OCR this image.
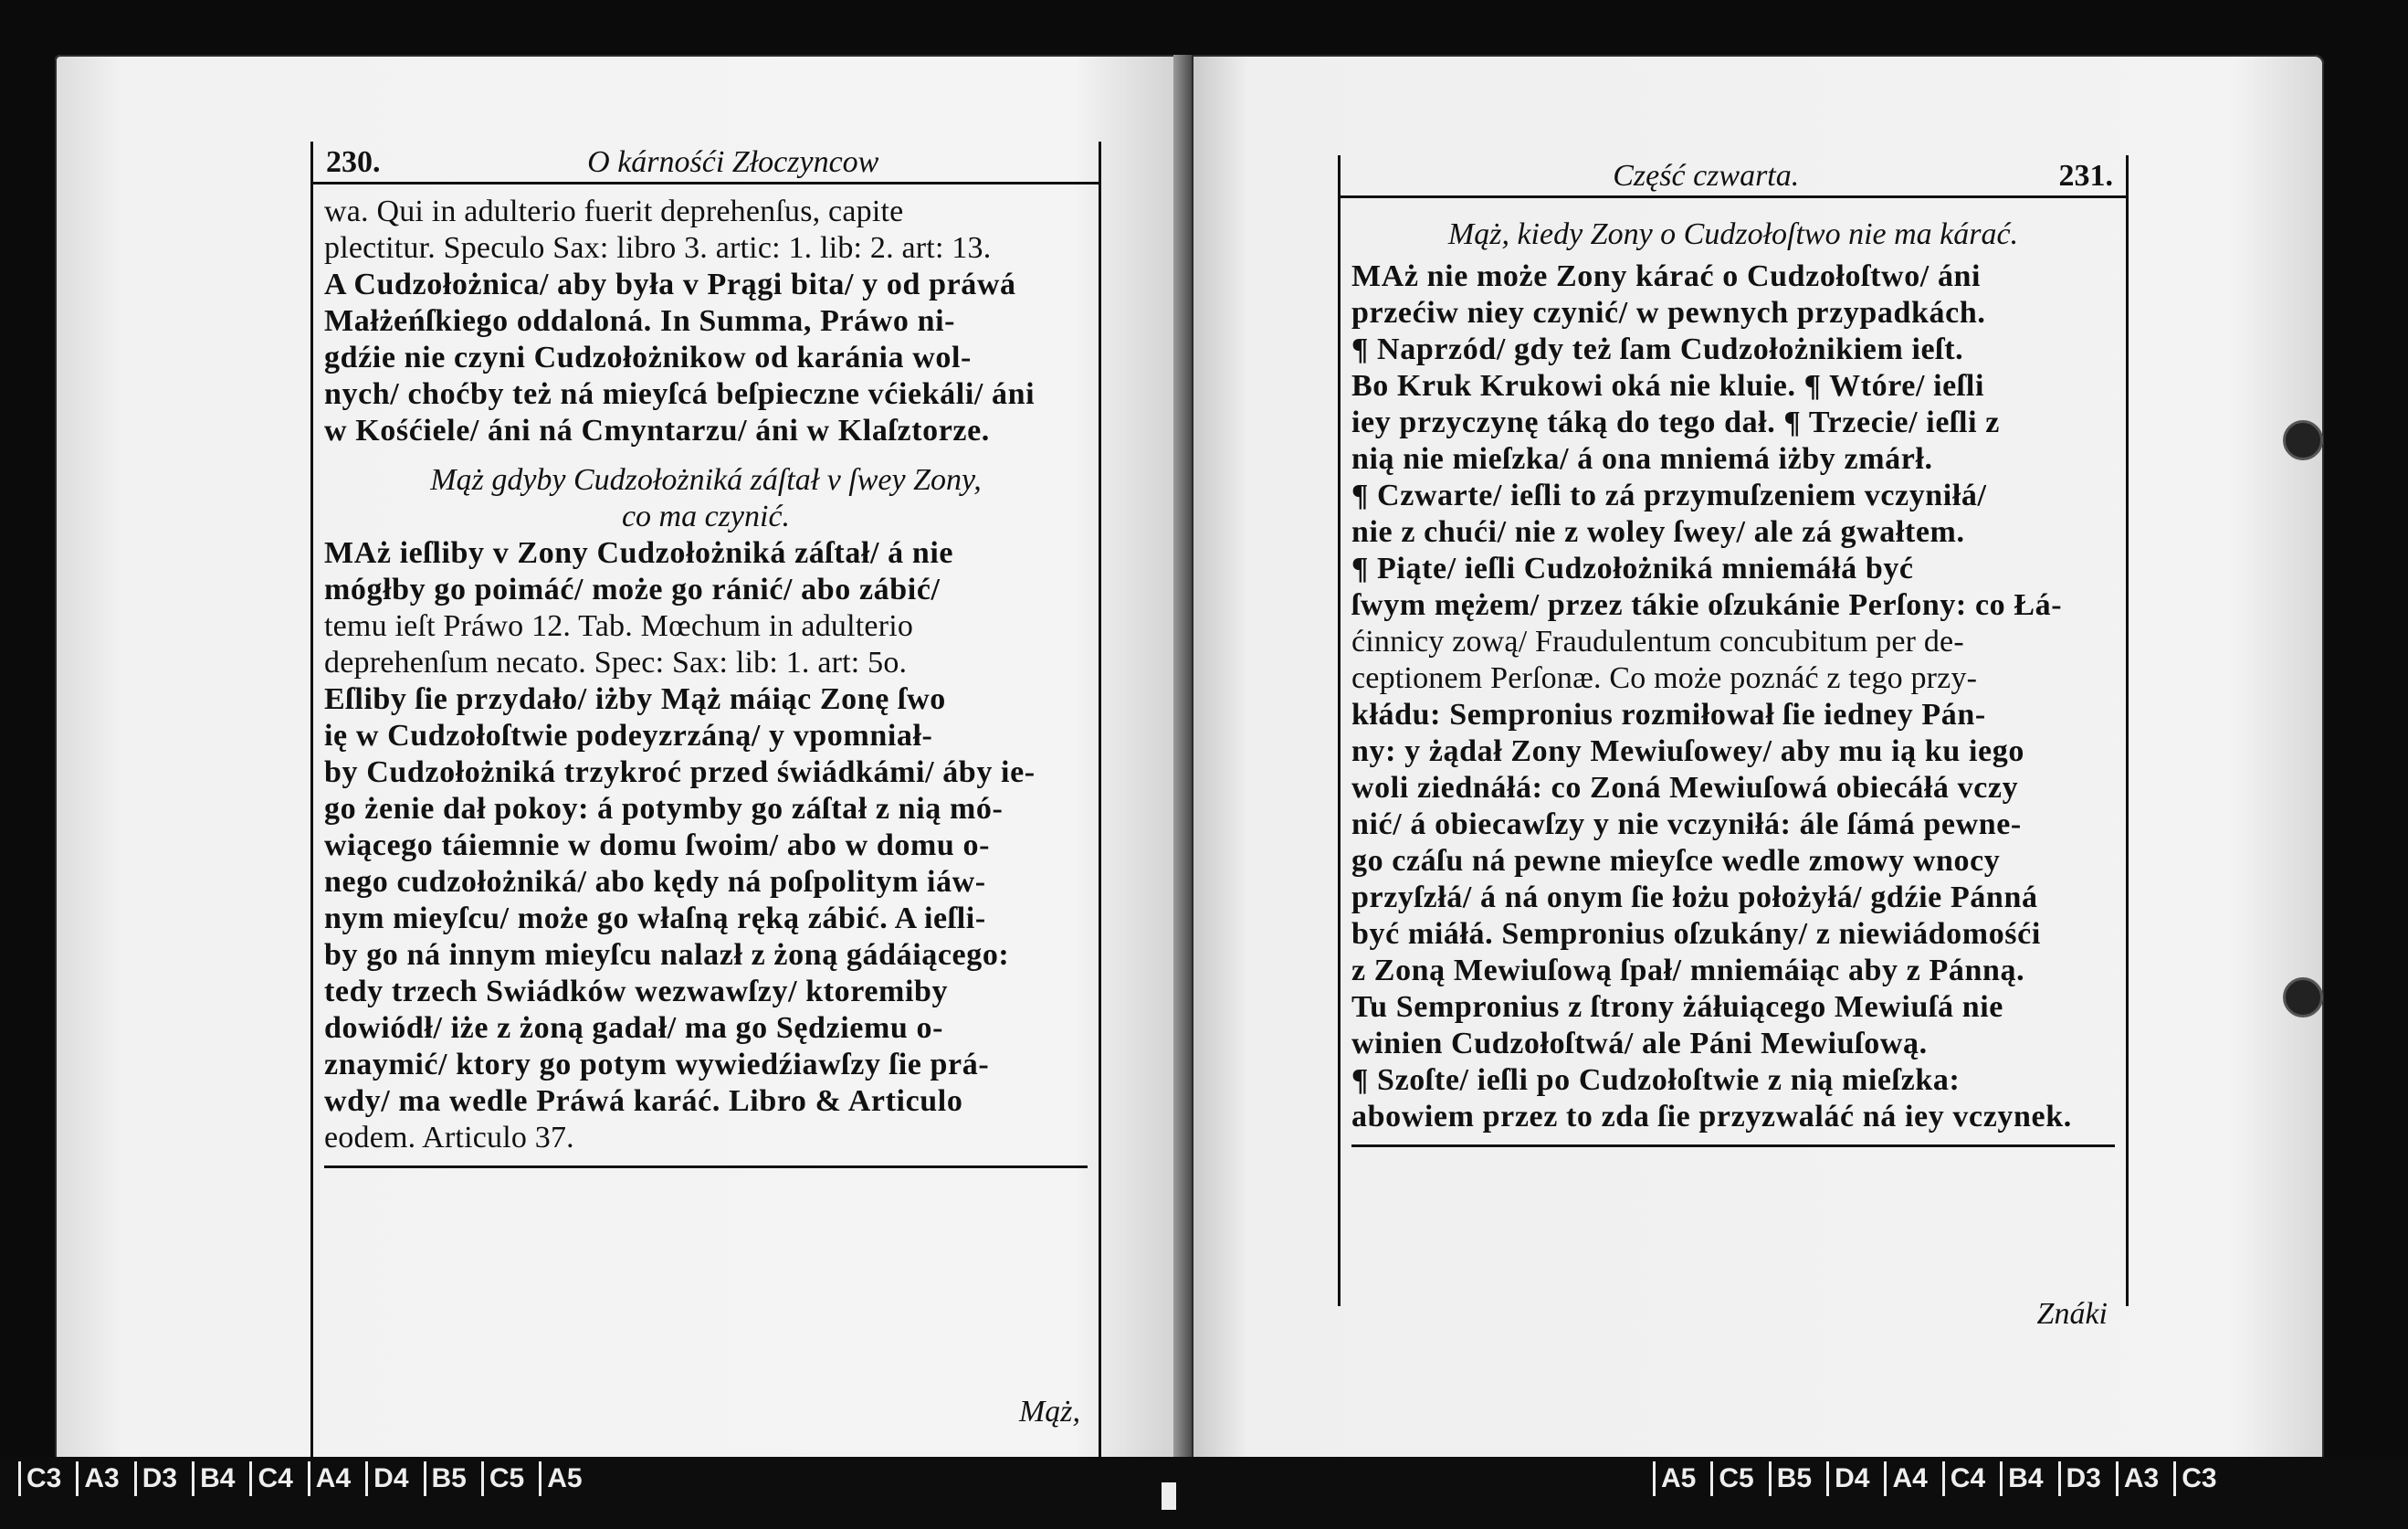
230.	O kárnośći Złoczyncow
wa. Qui in adulterio fuerit deprehenſus, capite
plectitur. Speculo Sax: libro 3. artic: 1. lib: 2. art: 13.
A Cudzołożnica/ aby była v Prągi bita/ y od práwá
Małżeńſkiego oddaloná. In Summa, Práwo ni-
gdźie nie czyni Cudzołożnikow od karánia wol-
nych/ choćby też ná mieyſcá beſpieczne vćiekáli/ áni
w Kośćiele/ áni ná Cmyntarzu/ áni w Klaſztorze.
Mąż gdyby Cudzołożniká záſtał v ſwey Zony,
co ma czynić.
MAż ieſliby v Zony Cudzołożniká záſtał/ á nie
mógłby go poimáć/ może go ránić/ abo zábić/
temu ieſt Práwo 12. Tab. Mœchum in adulterio
deprehenſum necato. Spec: Sax: lib: 1. art: 5o.
Eſliby ſie przydało/ iżby Mąż máiąc Zonę ſwo
ię w Cudzołoſtwie podeyzrzáną/ y vpomniał-
by Cudzołożniká trzykroć przed świádkámi/ áby ie-
go żenie dał pokoy: á potymby go záſtał z nią mó-
wiącego táiemnie w domu ſwoim/ abo w domu o-
nego cudzołożniká/ abo kędy ná poſpolitym iáw-
nym mieyſcu/ może go właſną ręką zábić. A ieſli-
by go ná innym mieyſcu nalazł z żoną gádáiącego:
tedy trzech Swiádków wezwawſzy/ ktoremiby
dowiódł/ iże z żoną gadał/ ma go Sędziemu o-
znaymić/ ktory go potym wywiedźiawſzy ſie prá-
wdy/ ma wedle Práwá karáć. Libro & Articulo
eodem. Articulo 37.
Mąż,
Część czwarta.	231.
Mąż, kiedy Zony o Cudzołoſtwo nie ma kárać.
MAż nie może Zony kárać o Cudzołoſtwo/ áni
przećiw niey czynić/ w pewnych przypadkách.
¶ Naprzód/ gdy też ſam Cudzołożnikiem ieſt.
Bo Kruk Krukowi oká nie kluie. ¶ Wtóre/ ieſli
iey przyczynę táką do tego dał. ¶ Trzecie/ ieſli z
nią nie mieſzka/ á ona mniemá iżby zmárł.
¶ Czwarte/ ieſli to zá przymuſzeniem vczyniłá/
nie z chući/ nie z woley ſwey/ ale zá gwałtem.
¶ Piąte/ ieſli Cudzołożniká mniemáłá być
ſwym mężem/ przez tákie oſzukánie Perſony: co Łá-
ćinnicy zową/ Fraudulentum concubitum per de-
ceptionem Perſonæ. Co może poznáć z tego przy-
kłádu: Sempronius rozmiłował ſie iedney Pán-
ny: y żądał Zony Mewiuſowey/ aby mu ią ku iego
woli ziednáłá: co Zoná Mewiuſowá obiecáłá vczy
nić/ á obiecawſzy y nie vczyniłá: ále ſámá pewne-
go czáſu ná pewne mieyſce wedle zmowy wnocy
przyſzłá/ á ná onym ſie łożu położyłá/ gdźie Pánná
być miáłá. Sempronius oſzukány/ z niewiádomośći
z Zoną Mewiuſową ſpał/ mniemáiąc aby z Pánną.
Tu Sempronius z ſtrony żáłuiącego Mewiuſá nie
winien Cudzołoſtwá/ ale Páni Mewiuſową.
¶ Szoſte/ ieſli po Cudzołoſtwie z nią mieſzka:
abowiem przez to zda ſie przyzwaláć ná iey vczynek.
Znáki
C3 A3 D3 B4 C4 A4 D4 B5 C5 A5	A5 C5 B5 D4 A4 C4 B4 D3 A3 C3
